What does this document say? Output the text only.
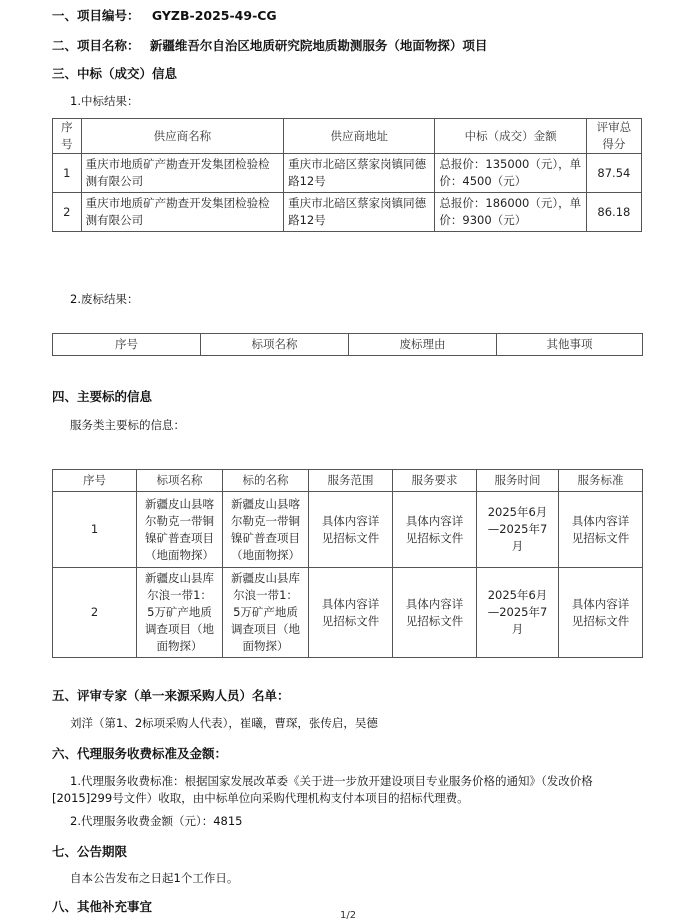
一、项目编号： GYZB-2025-49-CG
二、项目名称： 新疆维吾尔自治区地质研究院地质勘测服务（地面物探）项目
三、中标（成交）信息
1.中标结果：
序号	供应商名称	供应商地址	中标（成交）金额	评审总得分
1	重庆市地质矿产勘查开发集团检验检测有限公司	重庆市北碚区蔡家岗镇同德路12号	总报价：135000（元），单价：4500（元）	87.54
2	重庆市地质矿产勘查开发集团检验检测有限公司	重庆市北碚区蔡家岗镇同德路12号	总报价：186000（元），单价：9300（元）	86.18
2.废标结果：
序号	标项名称	废标理由	其他事项
四、主要标的信息
服务类主要标的信息：
序号	标项名称	标的名称	服务范围	服务要求	服务时间	服务标准
1	新疆皮山县喀尔勒克一带铜镍矿普查项目（地面物探）	新疆皮山县喀尔勒克一带铜镍矿普查项目（地面物探）	具体内容详见招标文件	具体内容详见招标文件	2025年6月—2025年7月	具体内容详见招标文件
2	新疆皮山县库尔浪一带1：5万矿产地质调查项目（地面物探）	新疆皮山县库尔浪一带1：5万矿产地质调查项目（地面物探）	具体内容详见招标文件	具体内容详见招标文件	2025年6月—2025年7月	具体内容详见招标文件
五、评审专家（单一来源采购人员）名单：
刘洋（第1、2标项采购人代表），崔曦，曹琛，张传启，吴德
六、代理服务收费标准及金额：
1.代理服务收费标准：根据国家发展改革委《关于进一步放开建设项目专业服务价格的通知》（发改价格
[2015]299号文件）收取，由中标单位向采购代理机构支付本项目的招标代理费。
2.代理服务收费金额（元）：4815
七、公告期限
自本公告发布之日起1个工作日。
八、其他补充事宜
1/2
